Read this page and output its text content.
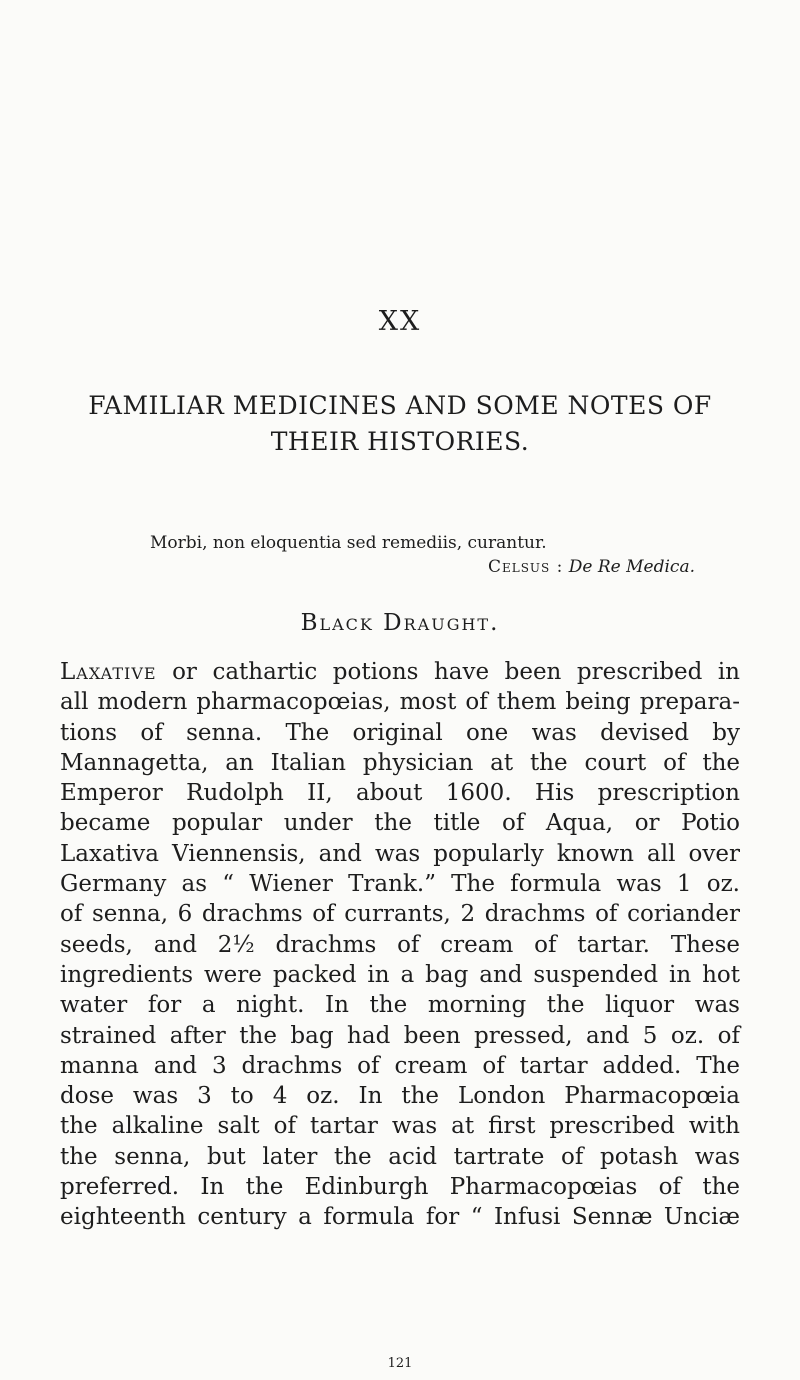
XX
FAMILIAR MEDICINES AND SOME NOTES OF
THEIR HISTORIES.
Morbi, non eloquentia sed remediis, curantur.
Celsus : De Re Medica.
Black Draught.
Laxative or cathartic potions have been prescribed in
all modern pharmacopœias, most of them being prepara-
tions of senna. The original one was devised by
Mannagetta, an Italian physician at the court of the
Emperor Rudolph II, about 1600. His prescription
became popular under the title of Aqua, or Potio
Laxativa Viennensis, and was popularly known all over
Germany as “ Wiener Trank.” The formula was 1 oz.
of senna, 6 drachms of currants, 2 drachms of coriander
seeds, and 2½ drachms of cream of tartar. These
ingredients were packed in a bag and suspended in hot
water for a night. In the morning the liquor was
strained after the bag had been pressed, and 5 oz. of
manna and 3 drachms of cream of tartar added. The
dose was 3 to 4 oz. In the London Pharmacopœia
the alkaline salt of tartar was at first prescribed with
the senna, but later the acid tartrate of potash was
preferred. In the Edinburgh Pharmacopœias of the
eighteenth century a formula for “ Infusi Sennæ Unciæ
121
